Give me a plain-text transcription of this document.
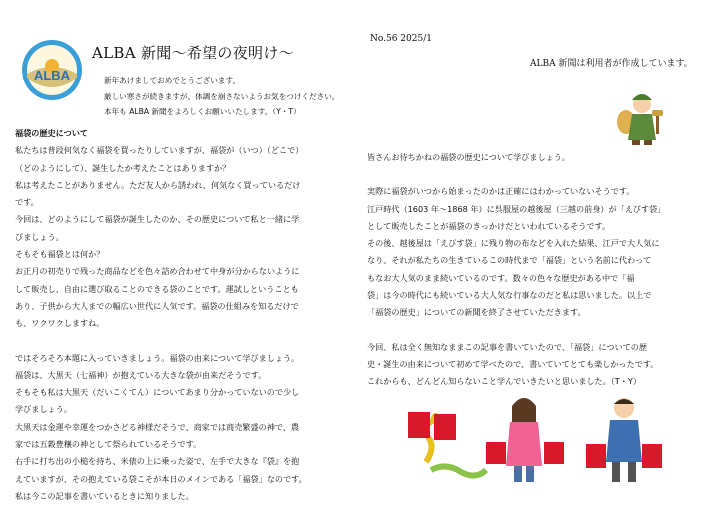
ALBA
ALBA 新聞～希望の夜明け～
No.56 2025/1
ALBA 新聞は利用者が作成しています。
新年あけましておめでとうございます。
厳しい寒さが続きますが、体調を崩さないようお気をつけください。
本年も ALBA 新聞をよろしくお願いいたします。（Y・T）

福袋の歴史について

私たちは普段何気なく福袋を買ったりしていますが、福袋が（いつ）（どこで）

（どのようにして）、誕生したか考えたことはありますか？

私は考えたことがありません。ただ友人から誘われ、何気なく買っているだけ

です。

今回は、どのようにして福袋が誕生したのか、その歴史について私と一緒に学

びましょう。

そもそも福袋とは何か？

お正月の初売りで残った商品などを色々詰め合わせて中身が分からないように

して販売し、自由に選び取ることのできる袋のことです。運試しということも

あり、子供から大人までの幅広い世代に人気です。福袋の仕組みを知るだけで

も、ワクワクしますね。

ではそろそろ本題に入っていきましょう。福袋の由来について学びましょう。

福袋は、大黒天（七福神）が抱えている大きな袋が由来だそうです。

そもそも私は大黒天（だいこくてん）についてあまり分かっていないので少し

学びましょう。

大黒天は金運や幸運をつかさどる神様だそうで、商家では商売繁盛の神で、農

家では五穀豊穣の神として祭られているそうです。

右手に打ち出の小槌を持ち、米俵の上に乗った姿で、左手で大きな『袋』を抱

えていますが、その抱えている袋こそが本日のメインである「福袋」なのです。

私は今この記事を書いているときに知りました。

皆さんお待ちかねの福袋の歴史について学びましょう。

実際に福袋がいつから始まったのかは正確にはわかっていないそうです。

江戸時代（1603 年～1868 年）に呉服屋の越後屋（三越の前身）が「えびす袋」

として販売したことが福袋のきっかけだといわれているそうです。

その後、越後屋は「えびす袋」に残り物の布などを入れた結果、江戸で大人気に

なり、それが私たちの生きているこの時代まで「福袋」という名前に代わって

もなお大人気のまま続いているのです。数々の色々な歴史がある中で「福

袋」は今の時代にも続いている大人気な行事なのだと私は思いました。以上で

「福袋の歴史」についての新聞を終了させていただきます。

今回、私は全く無知なままこの記事を書いていたので、「福袋」についての歴

史・誕生の由来について初めて学べたので、書いていてとても楽しかったです。

これからも、どんどん知らないこと学んでいきたいと思いました。（T・Y）
